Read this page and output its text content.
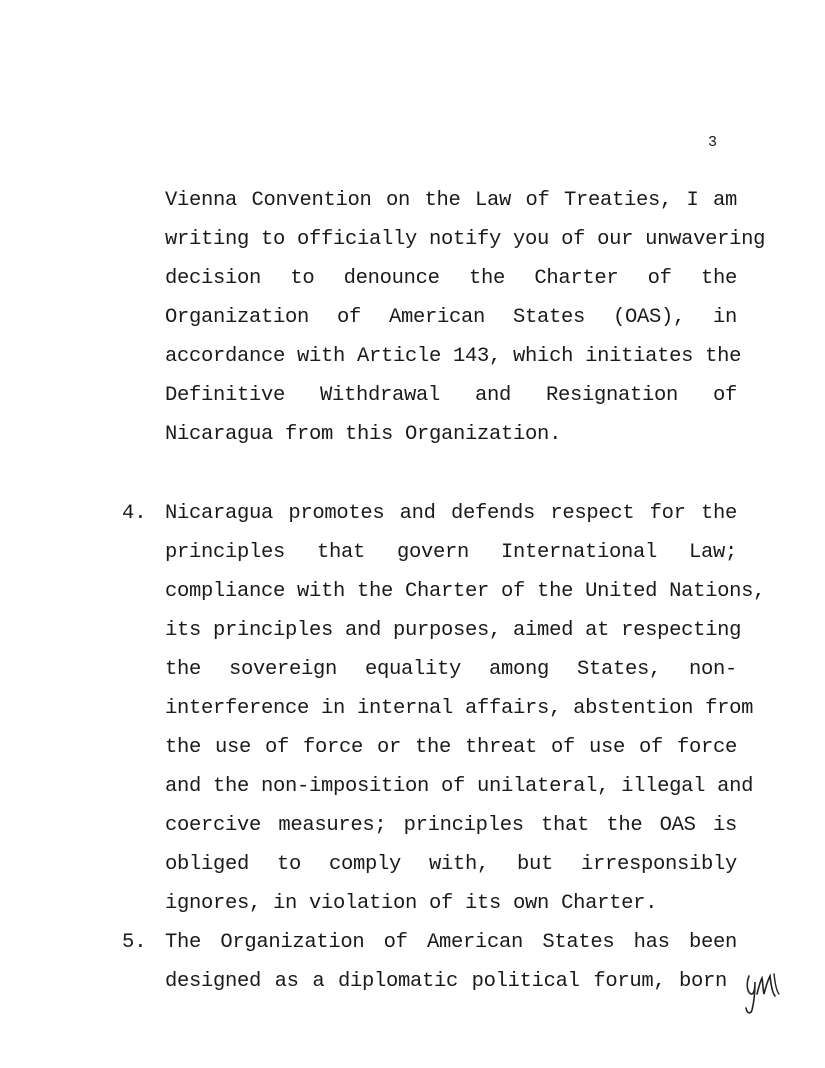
3
Vienna Convention on the Law of Treaties, I am
writing to officially notify you of our unwavering
decision to denounce the Charter of the
Organization of American States (OAS), in
accordance with Article 143, which initiates the
Definitive Withdrawal and Resignation of
Nicaragua from this Organization.
4. Nicaragua promotes and defends respect for the
principles that govern International Law;
compliance with the Charter of the United Nations,
its principles and purposes, aimed at respecting
the sovereign equality among States, non-
interference in internal affairs, abstention from
the use of force or the threat of use of force
and the non-imposition of unilateral, illegal and
coercive measures; principles that the OAS is
obliged to comply with, but irresponsibly
ignores, in violation of its own Charter.
5. The Organization of American States has been
designed as a diplomatic political forum, born
